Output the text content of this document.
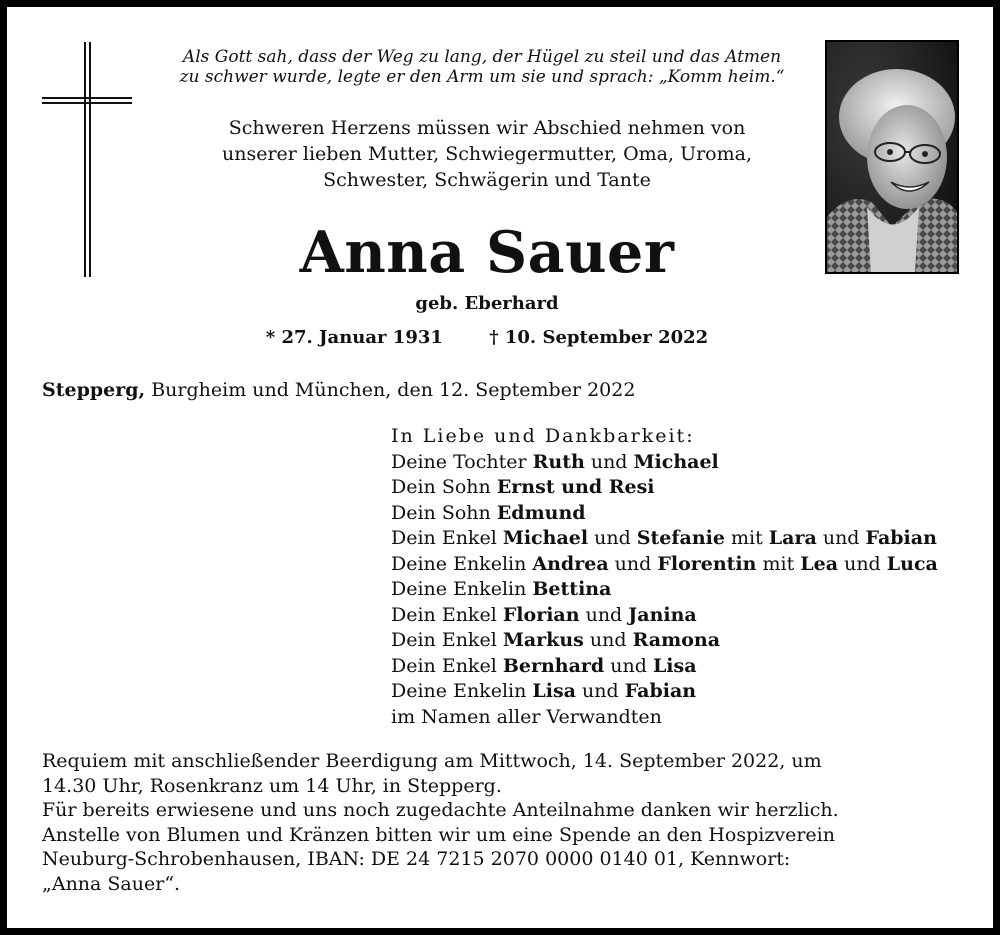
Als Gott sah, dass der Weg zu lang, der Hügel zu steil und das Atmen
zu schwer wurde, legte er den Arm um sie und sprach: „Komm heim.“
Schweren Herzens müssen wir Abschied nehmen von
unserer lieben Mutter, Schwiegermutter, Oma, Uroma,
Schwester, Schwägerin und Tante
Anna Sauer
geb. Eberhard
* 27. Januar 1931	† 10. September 2022
Stepperg, Burgheim und München, den 12. September 2022
In Liebe und Dankbarkeit:
Deine Tochter Ruth und Michael
Dein Sohn Ernst und Resi
Dein Sohn Edmund
Dein Enkel Michael und Stefanie mit Lara und Fabian
Deine Enkelin Andrea und Florentin mit Lea und Luca
Deine Enkelin Bettina
Dein Enkel Florian und Janina
Dein Enkel Markus und Ramona
Dein Enkel Bernhard und Lisa
Deine Enkelin Lisa und Fabian
im Namen aller Verwandten
Requiem mit anschließender Beerdigung am Mittwoch, 14. September 2022, um
14.30 Uhr, Rosenkranz um 14 Uhr, in Stepperg.
Für bereits erwiesene und uns noch zugedachte Anteilnahme danken wir herzlich.
Anstelle von Blumen und Kränzen bitten wir um eine Spende an den Hospizverein
Neuburg-Schrobenhausen, IBAN: DE 24 7215 2070 0000 0140 01, Kennwort:
„Anna Sauer“.
